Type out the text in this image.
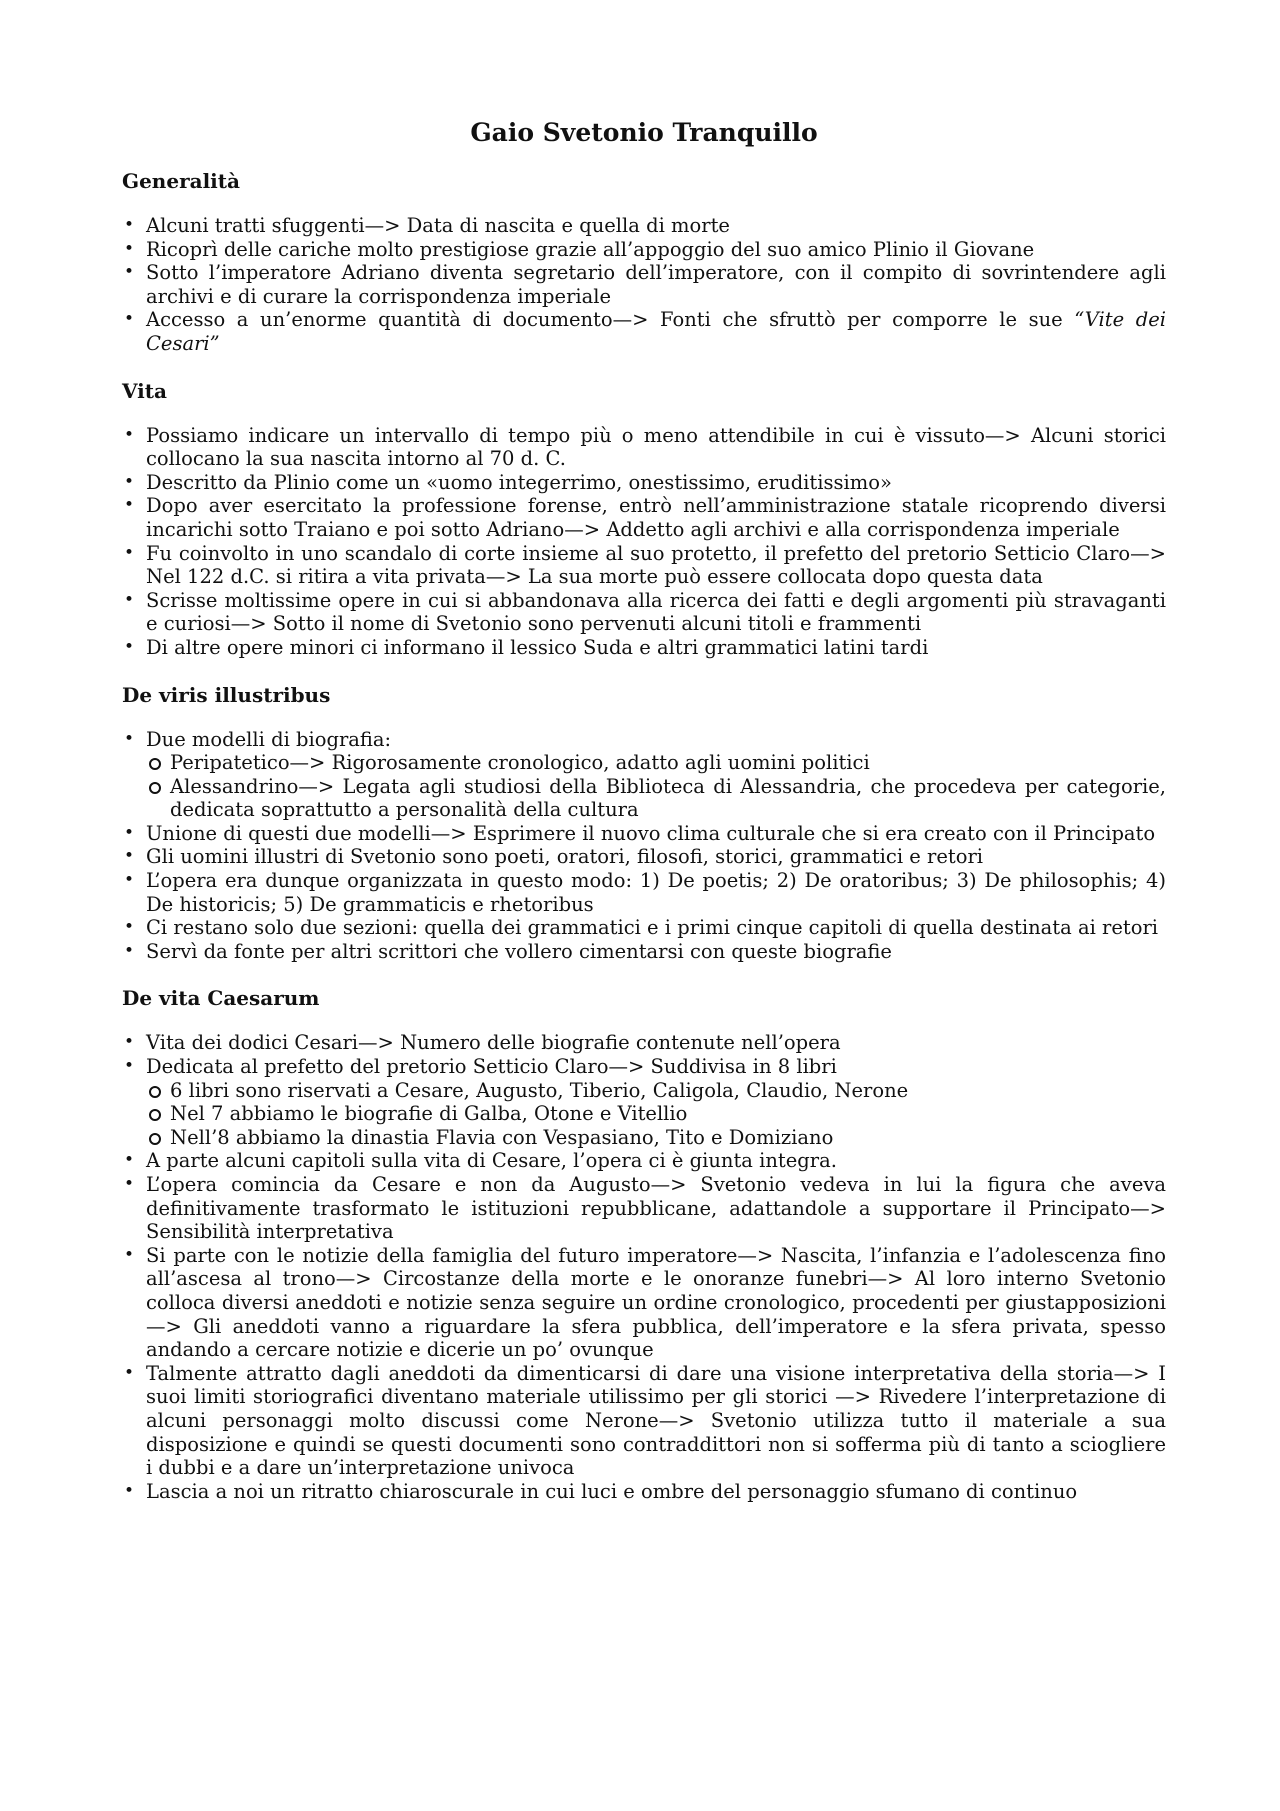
Gaio Svetonio Tranquillo
Generalità
• Alcuni tratti sfuggenti—> Data di nascita e quella di morte
• Ricoprì delle cariche molto prestigiose grazie all’appoggio del suo amico Plinio il Giovane
• Sotto l’imperatore Adriano diventa segretario dell’imperatore, con il compito di sovrintendere agli archivi e di curare la corrispondenza imperiale
• Accesso a un’enorme quantità di documento—> Fonti che sfruttò per comporre le sue “Vite dei Cesari”
Vita
• Possiamo indicare un intervallo di tempo più o meno attendibile in cui è vissuto—> Alcuni storici collocano la sua nascita intorno al 70 d. C.
• Descritto da Plinio come un «uomo integerrimo, onestissimo, eruditissimo»
• Dopo aver esercitato la professione forense, entrò nell’amministrazione statale ricoprendo diversi incarichi sotto Traiano e poi sotto Adriano—> Addetto agli archivi e alla corrispondenza imperiale
• Fu coinvolto in uno scandalo di corte insieme al suo protetto, il prefetto del pretorio Setticio Claro—> Nel 122 d.C. si ritira a vita privata—> La sua morte può essere collocata dopo questa data
• Scrisse moltissime opere in cui si abbandonava alla ricerca dei fatti e degli argomenti più stravaganti e curiosi—> Sotto il nome di Svetonio sono pervenuti alcuni titoli e frammenti
• Di altre opere minori ci informano il lessico Suda e altri grammatici latini tardi
De viris illustribus
• Due modelli di biografia:
Peripatetico—> Rigorosamente cronologico, adatto agli uomini politici
Alessandrino—> Legata agli studiosi della Biblioteca di Alessandria, che procedeva per categorie, dedicata soprattutto a personalità della cultura
• Unione di questi due modelli—> Esprimere il nuovo clima culturale che si era creato con il Principato
• Gli uomini illustri di Svetonio sono poeti, oratori, filosofi, storici, grammatici e retori
• L’opera era dunque organizzata in questo modo: 1) De poetis; 2) De oratoribus; 3) De philosophis; 4) De historicis; 5) De grammaticis e rhetoribus
• Ci restano solo due sezioni: quella dei grammatici e i primi cinque capitoli di quella destinata ai retori
• Servì da fonte per altri scrittori che vollero cimentarsi con queste biografie
De vita Caesarum
• Vita dei dodici Cesari—> Numero delle biografie contenute nell’opera
• Dedicata al prefetto del pretorio Setticio Claro—> Suddivisa in 8 libri
6 libri sono riservati a Cesare, Augusto, Tiberio, Caligola, Claudio, Nerone
Nel 7 abbiamo le biografie di Galba, Otone e Vitellio
Nell’8 abbiamo la dinastia Flavia con Vespasiano, Tito e Domiziano
• A parte alcuni capitoli sulla vita di Cesare, l’opera ci è giunta integra.
• L’opera comincia da Cesare e non da Augusto—> Svetonio vedeva in lui la figura che aveva definitivamente trasformato le istituzioni repubblicane, adattandole a supportare il Principato—> Sensibilità interpretativa
• Si parte con le notizie della famiglia del futuro imperatore—> Nascita, l’infanzia e l’adolescenza fino all’ascesa al trono—> Circostanze della morte e le onoranze funebri—> Al loro interno Svetonio colloca diversi aneddoti e notizie senza seguire un ordine cronologico, procedenti per giustapposizioni—> Gli aneddoti vanno a riguardare la sfera pubblica, dell’imperatore e la sfera privata, spesso andando a cercare notizie e dicerie un po’ ovunque
• Talmente attratto dagli aneddoti da dimenticarsi di dare una visione interpretativa della storia—> I suoi limiti storiografici diventano materiale utilissimo per gli storici —> Rivedere l’interpretazione di alcuni personaggi molto discussi come Nerone—> Svetonio utilizza tutto il materiale a sua disposizione e quindi se questi documenti sono contraddittori non si sofferma più di tanto a sciogliere i dubbi e a dare un’interpretazione univoca
• Lascia a noi un ritratto chiaroscurale in cui luci e ombre del personaggio sfumano di continuo
